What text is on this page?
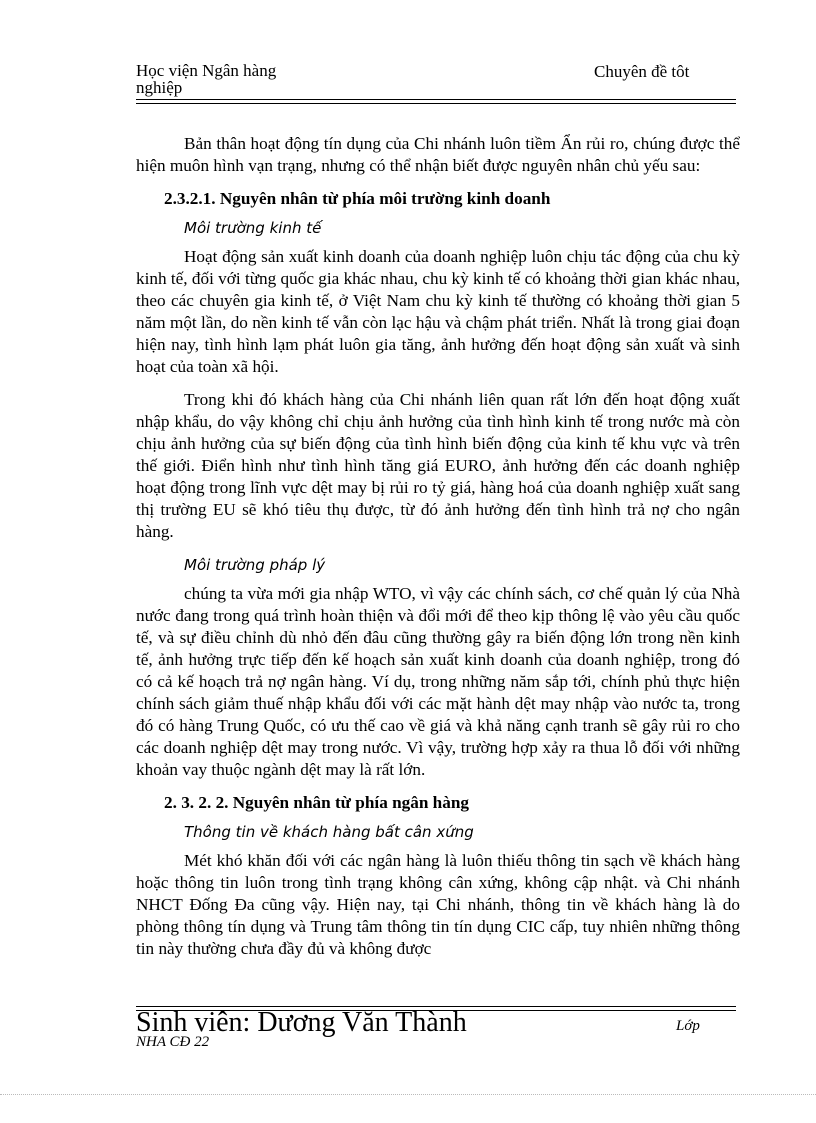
Học viện Ngân hàng
nghiệp
Chuyên đề tôt

Bản thân hoạt động tín dụng của Chi nhánh luôn tiềm Ẩn rủi ro, chúng được thể hiện muôn hình vạn trạng, nhưng có thể nhận biết được nguyên nhân chủ yếu sau:

2.3.2.1. Nguyên nhân từ phía môi trường kinh doanh
Môi trường kinh tế

Hoạt động sản xuất kinh doanh của doanh nghiệp luôn chịu tác động của chu kỳ kinh tế, đối với từng quốc gia khác nhau, chu kỳ kinh tế có khoảng thời gian khác nhau, theo các chuyên gia kinh tế, ở Việt Nam chu kỳ kinh tế thường có khoảng thời gian 5 năm một lần, do nền kinh tế vẫn còn lạc hậu và chậm phát triển. Nhất là trong giai đoạn hiện nay, tình hình lạm phát luôn gia tăng, ảnh hưởng đến hoạt động sản xuất và sinh hoạt của toàn xã hội.

Trong khi đó khách hàng của Chi nhánh liên quan rất lớn đến hoạt động xuất nhập khẩu, do vậy không chỉ chịu ảnh hưởng của tình hình kinh tế trong nước mà còn chịu ảnh hưởng của sự biến động của tình hình biến động của kinh tế khu vực và trên thế giới. Điển hình như tình hình tăng giá EURO, ảnh hưởng đến các doanh nghiệp hoạt động trong lĩnh vực dệt may bị rủi ro tỷ giá, hàng hoá của doanh nghiệp xuất sang thị trường EU sẽ khó tiêu thụ được, từ đó ảnh hưởng đến tình hình trả nợ cho ngân hàng.

Môi trường pháp lý

chúng ta vừa mới gia nhập WTO, vì vậy các chính sách, cơ chế quản lý của Nhà nước đang trong quá trình hoàn thiện và đổi mới để theo kịp thông lệ vào yêu cầu quốc tế, và sự điều chỉnh dù nhỏ đến đâu cũng thường gây ra biến động lớn trong nền kinh tế, ảnh hưởng trực tiếp đến kế hoạch sản xuất kinh doanh của doanh nghiệp, trong đó có cả kế hoạch trả nợ ngân hàng. Ví dụ, trong những năm sắp tới, chính phủ thực hiện chính sách giảm thuế nhập khẩu đối với các mặt hành dệt may nhập vào nước ta, trong đó có hàng Trung Quốc, có ưu thế cao về giá và khả năng cạnh tranh sẽ gây rủi ro cho các doanh nghiệp dệt may trong nước. Vì vậy, trường hợp xảy ra thua lỗ đối với những khoản vay thuộc ngành dệt may là rất lớn.

2. 3. 2. 2. Nguyên nhân từ phía ngân hàng
Thông tin về khách hàng bất cân xứng

Mét khó khăn đối với các ngân hàng là luôn thiếu thông tin sạch về khách hàng hoặc thông tin luôn trong tình trạng không cân xứng, không cập nhật. và Chi nhánh NHCT Đống Đa cũng vậy. Hiện nay, tại Chi nhánh, thông tin về khách hàng là do phòng thông tín dụng và Trung tâm thông tin tín dụng CIC cấp, tuy nhiên những thông tin này thường chưa đầy đủ và không được

Sinh viên: Dương Văn Thành	Lớp
NHA CĐ 22
